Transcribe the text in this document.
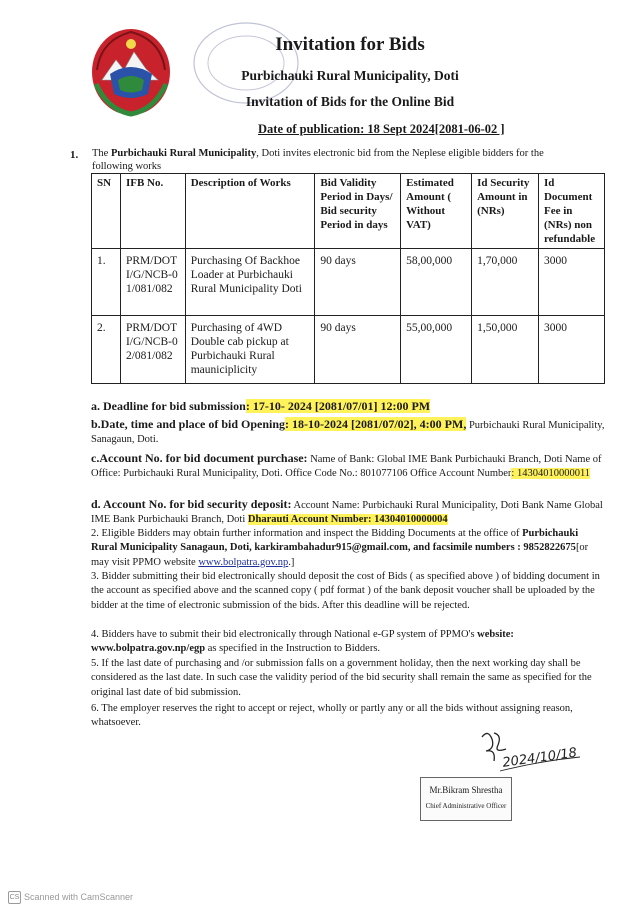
Invitation for Bids
Purbichauki Rural Municipality, Doti
Invitation of Bids for the Online Bid
Date of publication: 18 Sept 2024[2081-06-02 ]
1. The Purbichauki Rural Municipality, Doti invites electronic bid from the Neplese eligible bidders for the following works
SN	IFB No.	Description of Works	Bid Validity Period in Days/ Bid security Period in days	Estimated Amount ( Without VAT)	Id Security Amount in (NRs)	Id Document Fee in (NRs) non refundable
1.	PRM/DOTI/G/NCB-01/081/082	Purchasing Of Backhoe Loader at Purbichauki Rural Municipality Doti	90 days	58,00,000	1,70,000	3000
2.	PRM/DOTI/G/NCB-02/081/082	Purchasing of 4WD Double cab pickup at Purbichauki Rural mauniciplicity	90 days	55,00,000	1,50,000	3000
a. Deadline for bid submission: 17-10- 2024 [2081/07/01] 12:00 PM
b.Date, time and place of bid Opening: 18-10-2024 [2081/07/02], 4:00 PM, Purbichauki Rural Municipality, Sanagaun, Doti.
c.Account No. for bid document purchase: Name of Bank: Global IME Bank Purbichauki Branch, Doti Name of Office: Purbichauki Rural Municipality, Doti. Office Code No.: 801077106 Office Account Number: 14304010000011
d. Account No. for bid security deposit: Account Name: Purbichauki Rural Municipality, Doti Bank Name Global IME Bank Purbichauki Branch, Doti Dharauti Account Number: 14304010000004
2. Eligible Bidders may obtain further information and inspect the Bidding Documents at the office of Purbichauki Rural Municipality Sanagaun, Doti, karkirambahadur915@gmail.com, and facsimile numbers : 9852822675[or may visit PPMO website www.bolpatra.gov.np.]
3. Bidder submitting their bid electronically should deposit the cost of Bids ( as specified above ) of bidding document in the account as specified above and the scanned copy ( pdf format ) of the bank deposit voucher shall be uploaded by the bidder at the time of electronic submission of the bids. After this deadline will be rejected.
4. Bidders have to submit their bid electronically through National e-GP system of PPMO's website: www.bolpatra.gov.np/egp as specified in the Instruction to Bidders.
5. If the last date of purchasing and /or submission falls on a government holiday, then the next working day shall be considered as the last date. In such case the validity period of the bid security shall remain the same as specified for the original last date of bid submission.
6. The employer reserves the right to accept or reject, wholly or partly any or all the bids without assigning reason, whatsoever.
2024/10/18
Mr.Bikram Shrestha
Chief Administrative Officer
CS Scanned with CamScanner
